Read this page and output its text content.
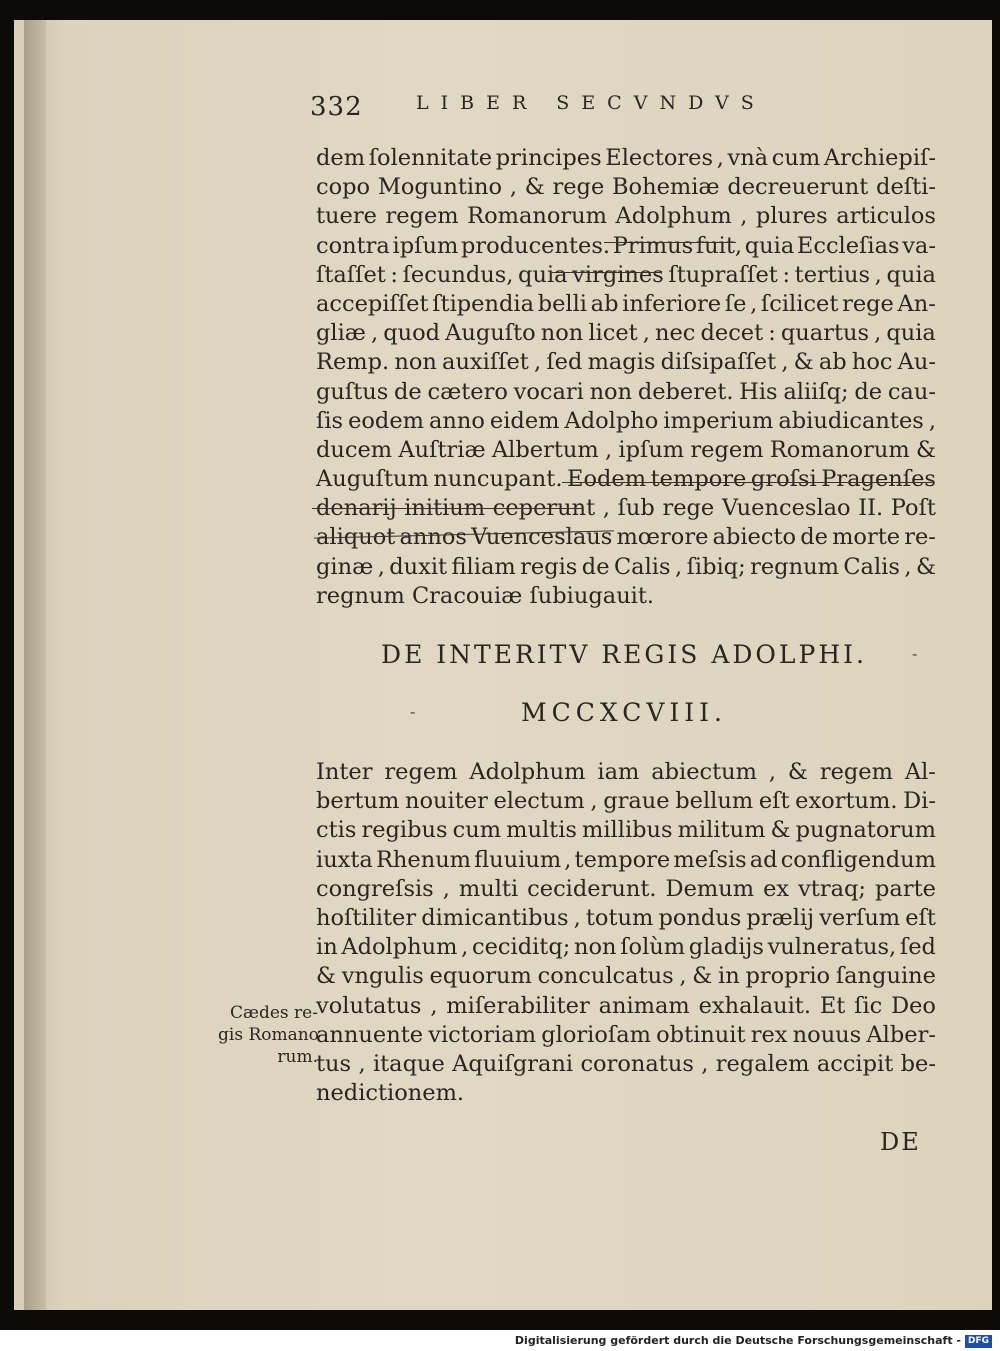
332	LIBER SECVNDVS
dem ſolennitate principes Electores , vnà cum Archiepiſ-
copo Moguntino , & rege Bohemiæ decreuerunt deſti-
tuere regem Romanorum Adolphum , plures articulos
contra ipſum producentes. Primus fuit, quia Eccleſias va-
ſtaſſet : ſecundus, quia virgines ſtupraſſet : tertius , quia
accepiſſet ſtipendia belli ab inferiore ſe , ſcilicet rege An-
gliæ , quod Auguſto non licet , nec decet : quartus , quia
Remp. non auxiſſet , ſed magis diſsipaſſet , & ab hoc Au-
guſtus de cætero vocari non deberet. His aliiſq; de cau-
ſis eodem anno eidem Adolpho imperium abiudicantes ,
ducem Auſtriæ Albertum , ipſum regem Romanorum &
Auguſtum nuncupant. Eodem tempore groſsi Pragenſes
denarij initium ceperunt , ſub rege Vuenceslao II. Poſt
aliquot annos Vuenceslaus mœrore abiecto de morte re-
ginæ , duxit filiam regis de Calis , ſibiq; regnum Calis , &
regnum Cracouiæ ſubiugauit.
DE INTERITV REGIS ADOLPHI.	-
MCCXCVIII.
-
Inter regem Adolphum iam abiectum , & regem Al-
bertum nouiter electum , graue bellum eſt exortum. Di-
ctis regibus cum multis millibus militum & pugnatorum
iuxta Rhenum fluuium , tempore meſsis ad confligendum
congreſsis , multi ceciderunt. Demum ex vtraq; parte
hoſtiliter dimicantibus , totum pondus prælij verſum eſt
in Adolphum , ceciditq; non ſolùm gladijs vulneratus, ſed
& vngulis equorum conculcatus , & in proprio ſanguine
volutatus , miſerabiliter animam exhalauit. Et ſic Deo
annuente victoriam glorioſam obtinuit rex nouus Alber-
tus , itaque Aquiſgrani coronatus , regalem accipit be-
nedictionem.
Cædes re-
gis Romano
rum.
DE
Digitalisierung gefördert durch die Deutsche Forschungsgemeinschaft - DFG
